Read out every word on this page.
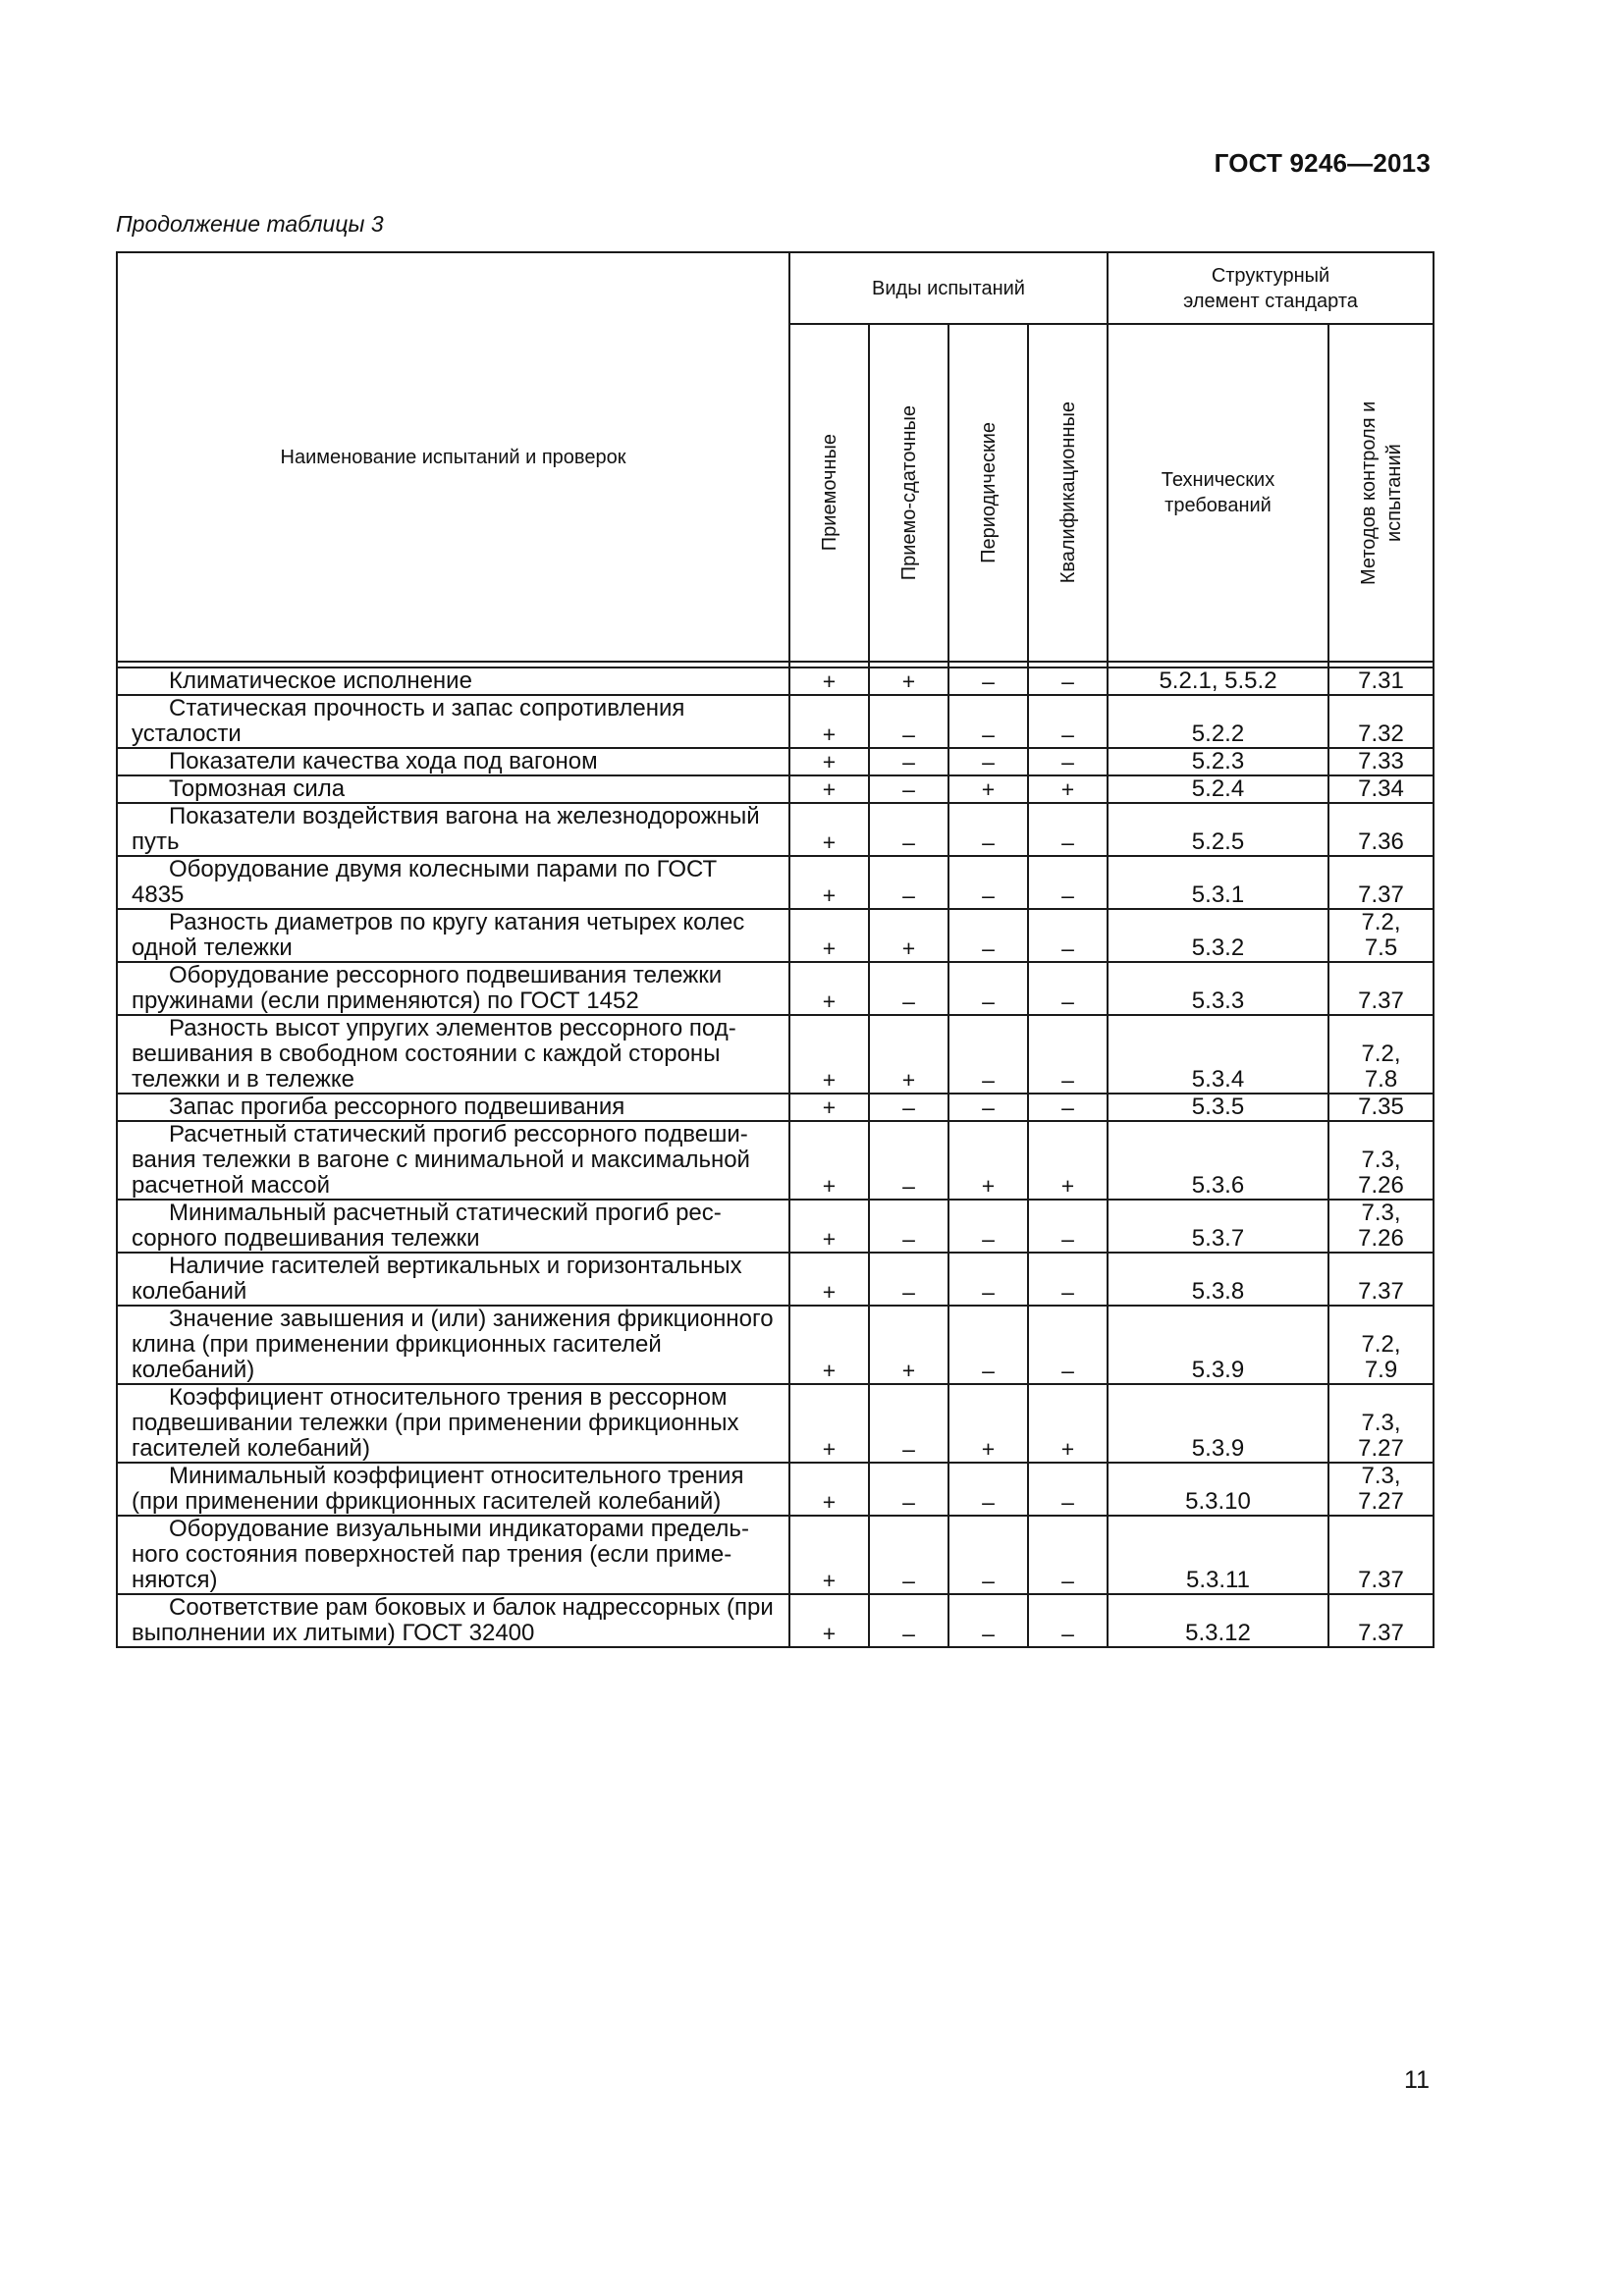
ГОСТ 9246—2013
Продолжение таблицы 3
Наименование испытаний и проверок	Виды испытаний				Структурный элемент стандарта	

	Приемочные	Приемо-сдаточные	Периодические	Квалификационные	Технических требований	Методов контроля и испытаний

Климатическое исполнение	+	+	–	–	5.2.1, 5.5.2	7.31

Статическая прочность и запас сопротивления усталости	+	–	–	–	5.2.2	7.32

Показатели качества хода под вагоном	+	–	–	–	5.2.3	7.33

Тормозная сила	+	–	+	+	5.2.4	7.34

Показатели воздействия вагона на железнодорожный путь	+	–	–	–	5.2.5	7.36

Оборудование двумя колесными парами по ГОСТ 4835	+	–	–	–	5.3.1	7.37

Разность диаметров по кругу катания четырех колес одной тележки	+	+	–	–	5.3.2	7.2,
7.5

Оборудование рессорного подвешивания тележки пружинами (если применяются) по ГОСТ 1452	+	–	–	–	5.3.3	7.37

Разность высот упругих элементов рессорного подвешивания в свободном состоянии с каждой стороны тележки и в тележке	+	+	–	–	5.3.4	7.2,
7.8

Запас прогиба рессорного подвешивания	+	–	–	–	5.3.5	7.35

Расчетный статический прогиб рессорного подвешивания тележки в вагоне с минимальной и максимальной расчетной массой	+	–	+	+	5.3.6	7.3,
7.26

Минимальный расчетный статический прогиб рессорного подвешивания тележки	+	–	–	–	5.3.7	7.3,
7.26

Наличие гасителей вертикальных и горизонтальных колебаний	+	–	–	–	5.3.8	7.37

Значение завышения и (или) занижения фрикционного клина (при применении фрикционных гасителей колебаний)	+	+	–	–	5.3.9	7.2,
7.9

Коэффициент относительного трения в рессорном подвешивании тележки (при применении фрикционных гасителей колебаний)	+	–	+	+	5.3.9	7.3,
7.27

Минимальный коэффициент относительного трения (при применении фрикционных гасителей колебаний)	+	–	–	–	5.3.10	7.3,
7.27

Оборудование визуальными индикаторами предельного состояния поверхностей пар трения (если применяются)	+	–	–	–	5.3.11	7.37

Соответствие рам боковых и балок надрессорных (при выполнении их литыми) ГОСТ 32400	+	–	–	–	5.3.12	7.37
11
